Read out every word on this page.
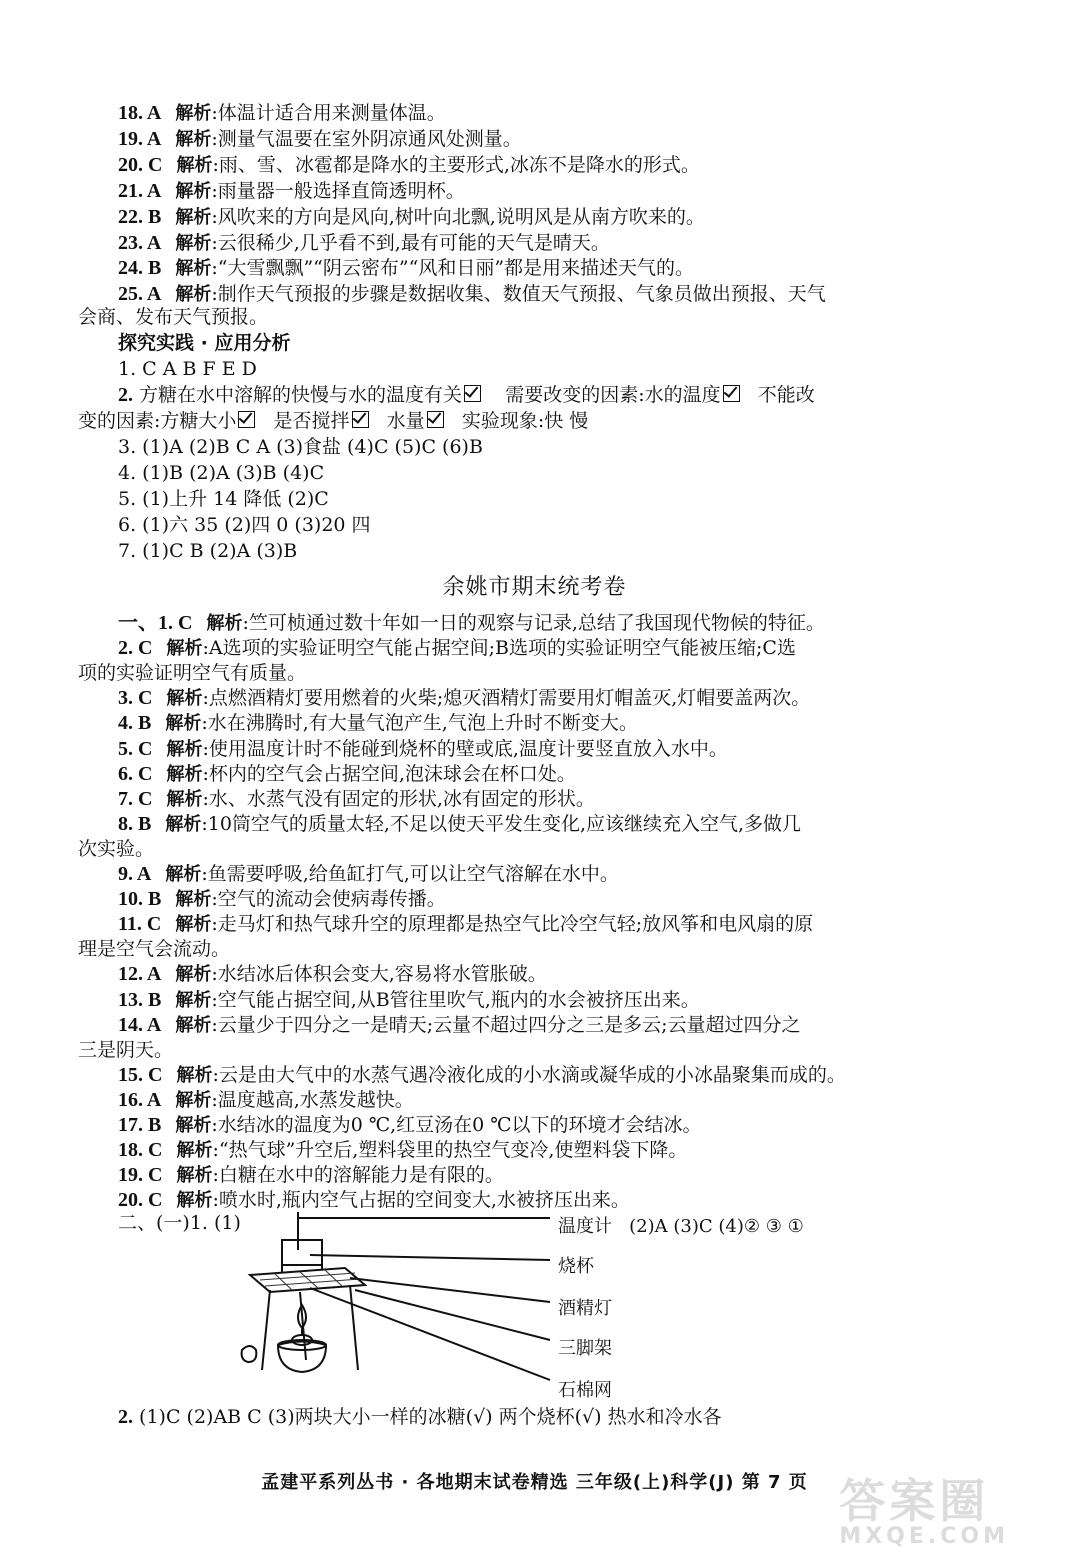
18. A 解析:体温计适合用来测量体温。
19. A 解析:测量气温要在室外阴凉通风处测量。
20. C 解析:雨、雪、冰雹都是降水的主要形式,冰冻不是降水的形式。
21. A 解析:雨量器一般选择直筒透明杯。
22. B 解析:风吹来的方向是风向,树叶向北飘,说明风是从南方吹来的。
23. A 解析:云很稀少,几乎看不到,最有可能的天气是晴天。
24. B 解析:“大雪飘飘”“阴云密布”“风和日丽”都是用来描述天气的。
25. A 解析:制作天气预报的步骤是数据收集、数值天气预报、气象员做出预报、天气
会商、发布天气预报。
探究实践 · 应用分析
1. C A B F E D
2. 方糖在水中溶解的快慢与水的温度有关 需要改变的因素:水的温度 不能改
变的因素:方糖大小 是否搅拌 水量 实验现象:快 慢
3. (1)A (2)B C A (3)食盐 (4)C (5)C (6)B
4. (1)B (2)A (3)B (4)C
5. (1)上升 14 降低 (2)C
6. (1)六 35 (2)四 0 (3)20 四
7. (1)C B (2)A (3)B
余姚市期末统考卷
一、1. C 解析:竺可桢通过数十年如一日的观察与记录,总结了我国现代物候的特征。
2. C 解析:A选项的实验证明空气能占据空间;B选项的实验证明空气能被压缩;C选
项的实验证明空气有质量。
3. C 解析:点燃酒精灯要用燃着的火柴;熄灭酒精灯需要用灯帽盖灭,灯帽要盖两次。
4. B 解析:水在沸腾时,有大量气泡产生,气泡上升时不断变大。
5. C 解析:使用温度计时不能碰到烧杯的壁或底,温度计要竖直放入水中。
6. C 解析:杯内的空气会占据空间,泡沫球会在杯口处。
7. C 解析:水、水蒸气没有固定的形状,冰有固定的形状。
8. B 解析:10筒空气的质量太轻,不足以使天平发生变化,应该继续充入空气,多做几
次实验。
9. A 解析:鱼需要呼吸,给鱼缸打气,可以让空气溶解在水中。
10. B 解析:空气的流动会使病毒传播。
11. C 解析:走马灯和热气球升空的原理都是热空气比冷空气轻;放风筝和电风扇的原
理是空气会流动。
12. A 解析:水结冰后体积会变大,容易将水管胀破。
13. B 解析:空气能占据空间,从B管往里吹气,瓶内的水会被挤压出来。
14. A 解析:云量少于四分之一是晴天;云量不超过四分之三是多云;云量超过四分之
三是阴天。
15. C 解析:云是由大气中的水蒸气遇冷液化成的小水滴或凝华成的小冰晶聚集而成的。
16. A 解析:温度越高,水蒸发越快。
17. B 解析:水结冰的温度为0 ℃,红豆汤在0 ℃以下的环境才会结冰。
18. C 解析:“热气球”升空后,塑料袋里的热空气变冷,使塑料袋下降。
19. C 解析:白糖在水中的溶解能力是有限的。
20. C 解析:喷水时,瓶内空气占据的空间变大,水被挤压出来。
二、(一)1. (1)	温度计 (2)A (3)C (4)② ③ ①
烧杯
酒精灯
三脚架
石棉网
2. (1)C (2)AB C (3)两块大小一样的冰糖(√) 两个烧杯(√) 热水和冷水各
孟建平系列丛书 · 各地期末试卷精选 三年级(上)科学(J) 第 7 页 答案圈
MXQE.COM
